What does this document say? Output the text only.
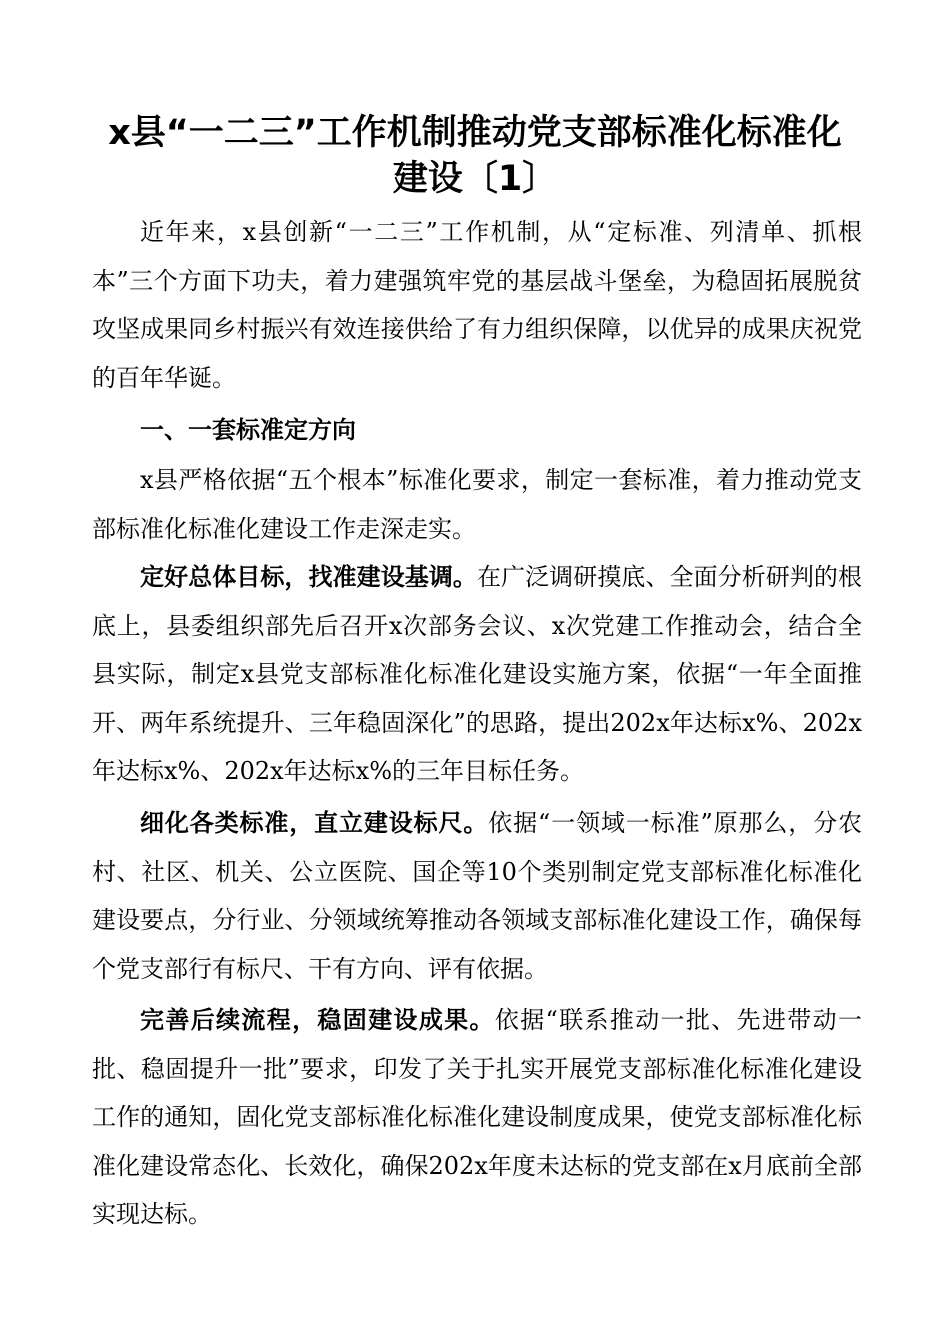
x县“一二三”工作机制推动党支部标准化标准化
建设〔1〕

近年来，x县创新“一二三”工作机制，从“定标准、列清单、抓根本”三个方面下功夫，着力建强筑牢党的基层战斗堡垒，为稳固拓展脱贫攻坚成果同乡村振兴有效连接供给了有力组织保障，以优异的成果庆祝党的百年华诞。

一、一套标准定方向

x县严格依据“五个根本”标准化要求，制定一套标准，着力推动党支部标准化标准化建设工作走深走实。

定好总体目标，找准建设基调。在广泛调研摸底、全面分析研判的根底上，县委组织部先后召开x次部务会议、x次党建工作推动会，结合全县实际，制定x县党支部标准化标准化建设实施方案，依据“一年全面推开、两年系统提升、三年稳固深化”的思路，提出202x年达标x%、202x年达标x%、202x年达标x%的三年目标任务。

细化各类标准，直立建设标尺。依据“一领域一标准”原那么，分农村、社区、机关、公立医院、国企等10个类别制定党支部标准化标准化建设要点，分行业、分领域统筹推动各领域支部标准化建设工作，确保每个党支部行有标尺、干有方向、评有依据。

完善后续流程，稳固建设成果。依据“联系推动一批、先进带动一批、稳固提升一批”要求，印发了关于扎实开展党支部标准化标准化建设工作的通知，固化党支部标准化标准化建设制度成果，使党支部标准化标准化建设常态化、长效化，确保202x年度未达标的党支部在x月底前全部实现达标。
